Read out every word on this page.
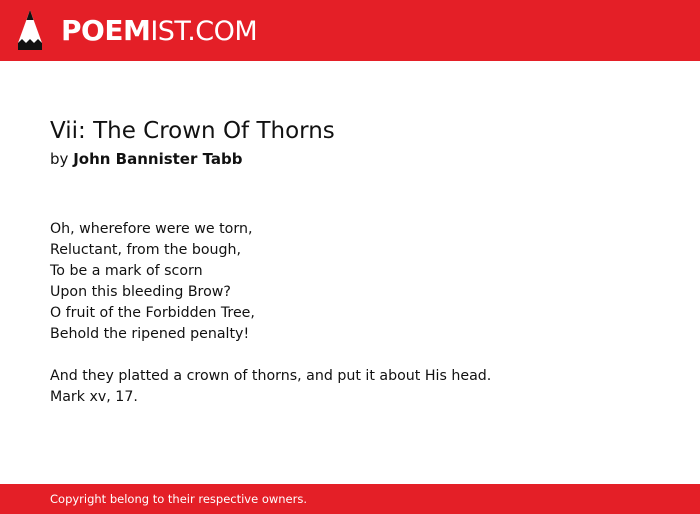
POEMIST.COM
Vii: The Crown Of Thorns
by John Bannister Tabb
Oh, wherefore were we torn,
Reluctant, from the bough,
To be a mark of scorn
Upon this bleeding Brow?
O fruit of the Forbidden Tree,
Behold the ripened penalty!
And they platted a crown of thorns, and put it about His head.
Mark xv, 17.
Copyright belong to their respective owners.
